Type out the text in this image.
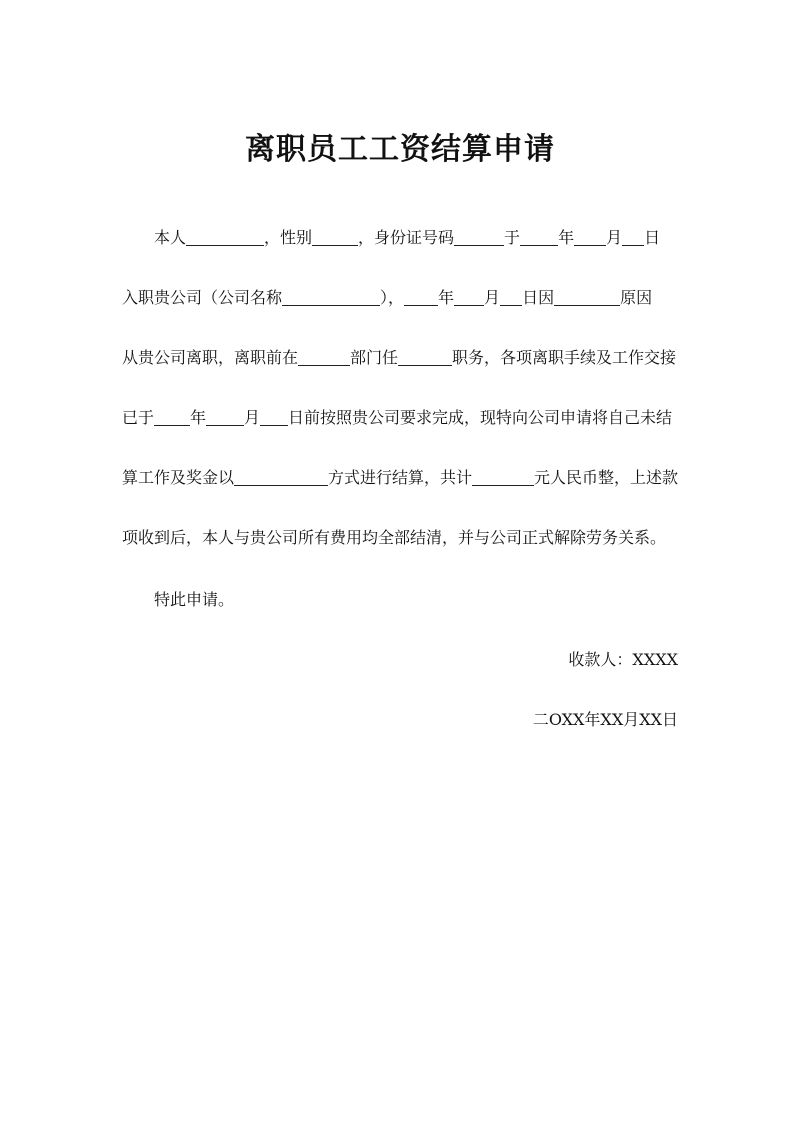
离职员工工资结算申请
本人	，性别	，身份证号码	于 年 月 日
入职贵公司（公司名称	）， 年 月 日因	原因
从贵公司离职，离职前在	部门任	职务，各项离职手续及工作交接
已于 年 月 日前按照贵公司要求完成，现特向公司申请将自己未结
算工作及奖金以	方式进行结算，共计	元人民币整，上述款
项收到后，本人与贵公司所有费用均全部结清，并与公司正式解除劳务关系。
特此申请。
收款人：XXXX
二OXX年XX月XX日
